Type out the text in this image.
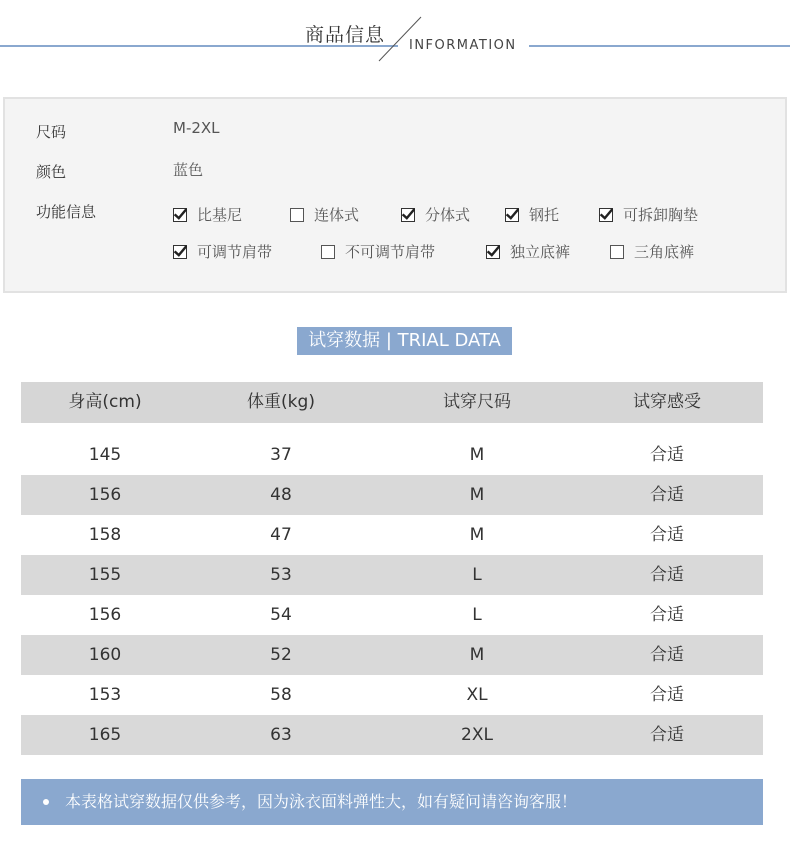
商品信息 INFORMATION
尺码	M-2XL
颜色	蓝色
功能信息	比基尼	连体式	分体式	钢托	可拆卸胸垫
可调节肩带	不可调节肩带	独立底裤	三角底裤
试穿数据 | TRIAL DATA
身高(cm)	体重(kg)	试穿尺码	试穿感受
145	37	M	合适
156	48	M	合适
158	47	M	合适
155	53	L	合适
156	54	L	合适
160	52	M	合适
153	58	XL	合适
165	63	2XL	合适
本表格试穿数据仅供参考，因为泳衣面料弹性大，如有疑问请咨询客服！
